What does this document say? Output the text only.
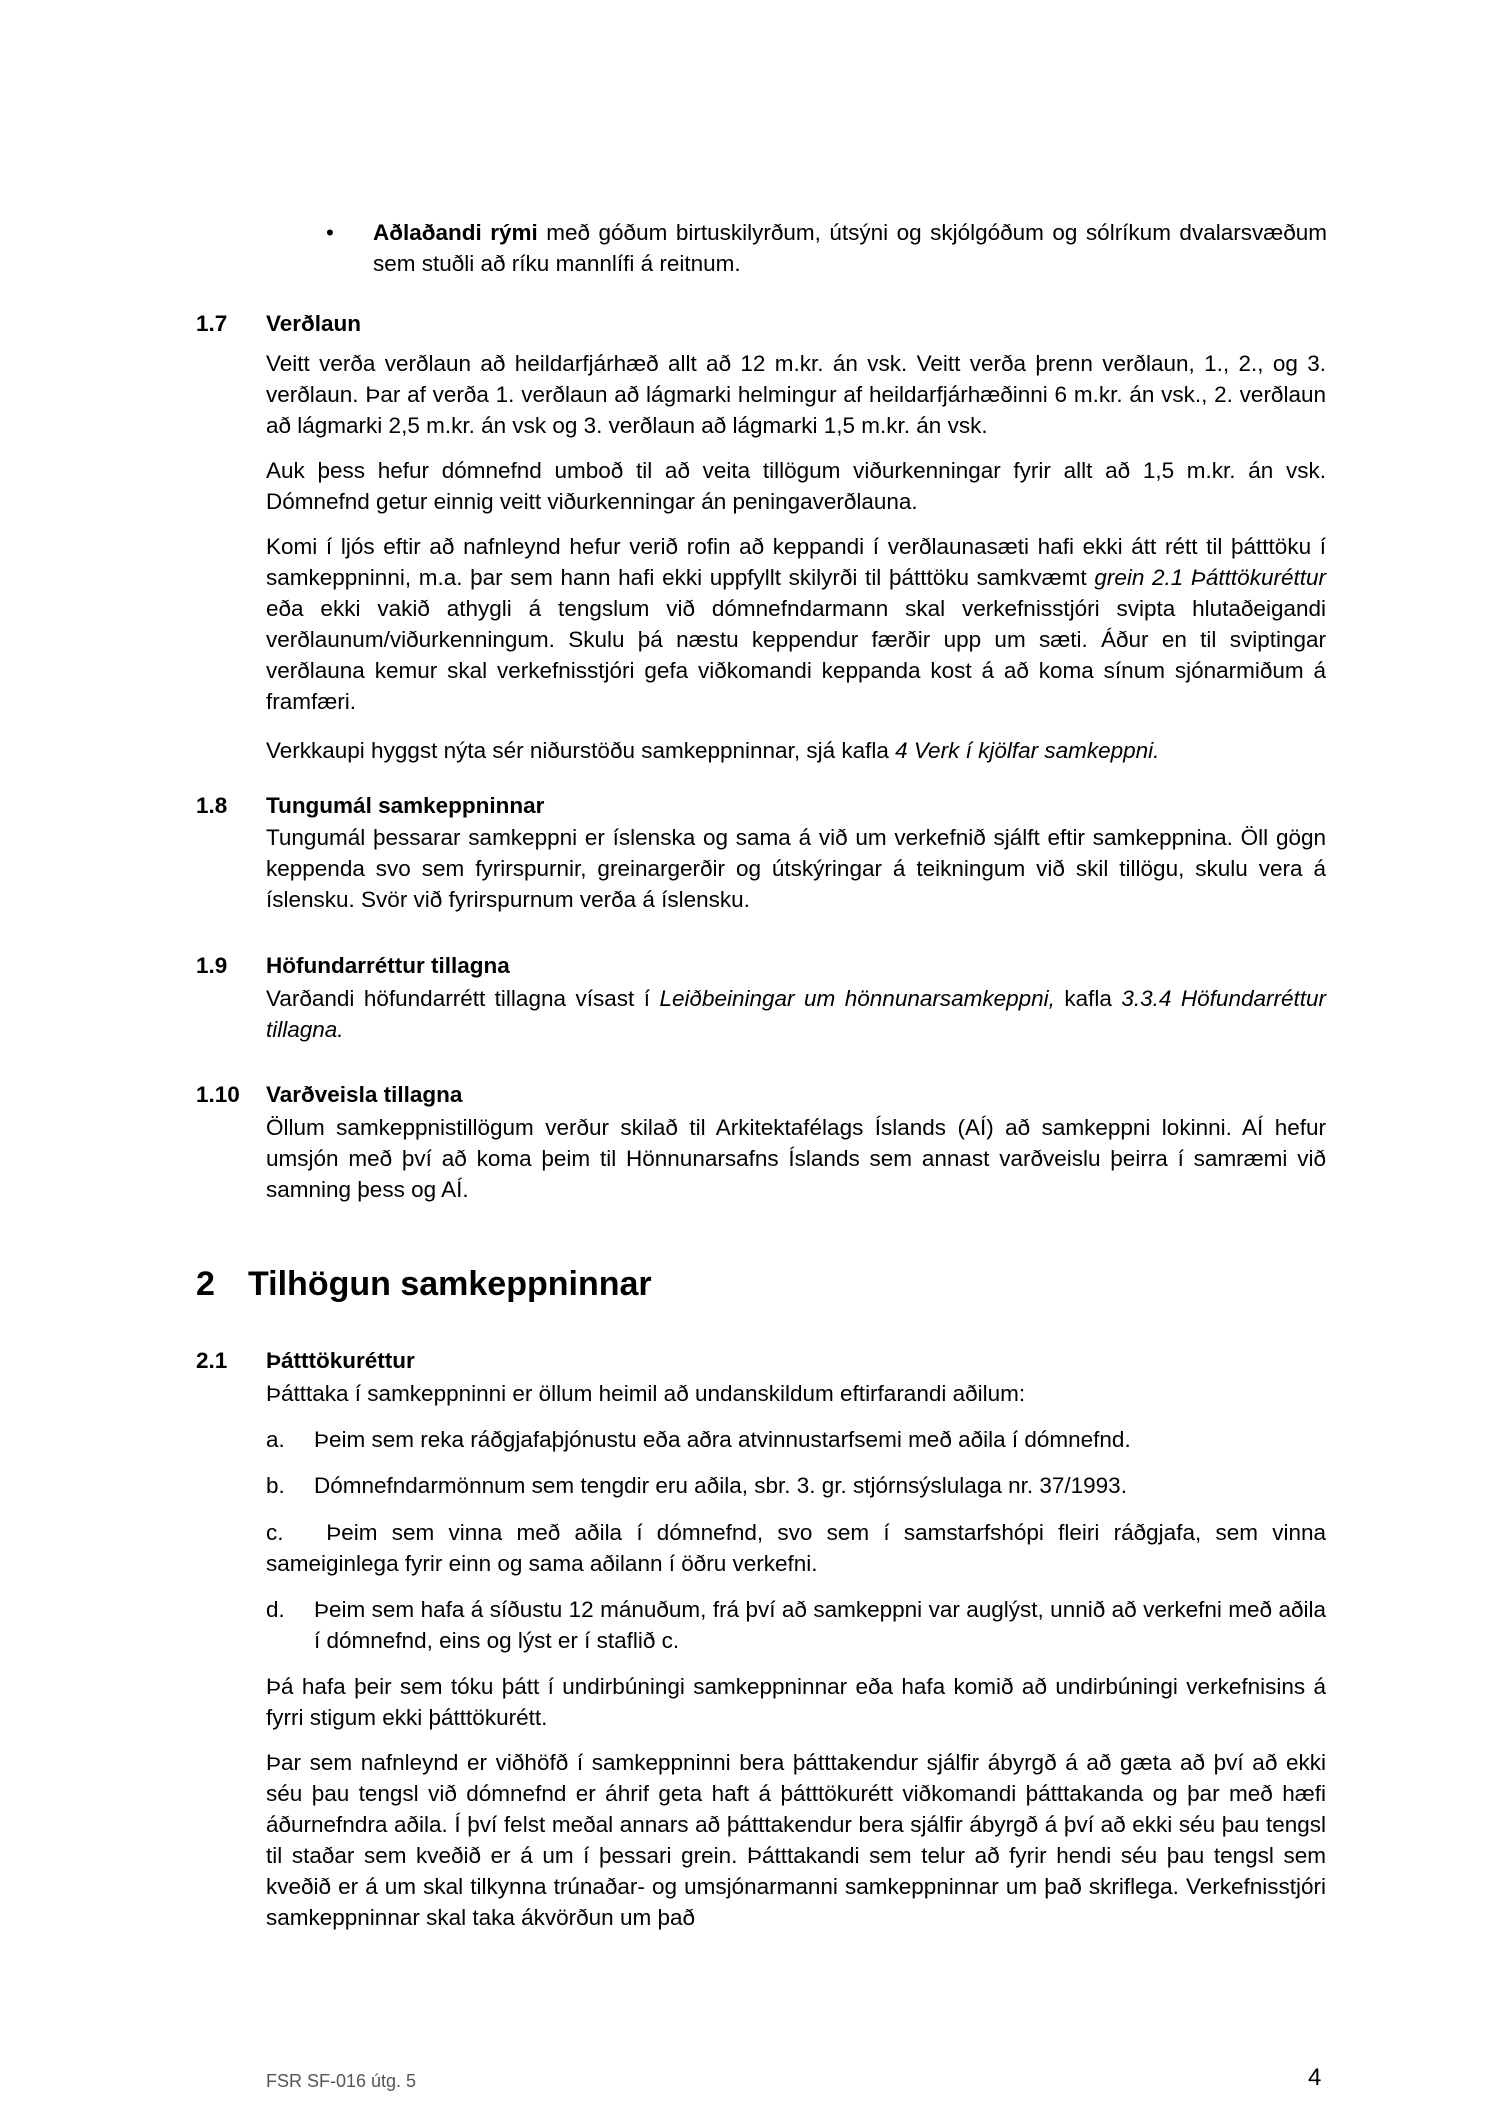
• Aðlaðandi rými með góðum birtuskilyrðum, útsýni og skjólgóðum og sólríkum dvalarsvæðum sem stuðli að ríku mannlífi á reitnum.

1.7 Verðlaun

Veitt verða verðlaun að heildarfjárhæð allt að 12 m.kr. án vsk. Veitt verða þrenn verðlaun, 1., 2., og 3. verðlaun. Þar af verða 1. verðlaun að lágmarki helmingur af heildarfjárhæðinni 6 m.kr. án vsk., 2. verðlaun að lágmarki 2,5 m.kr. án vsk og 3. verðlaun að lágmarki 1,5 m.kr. án vsk.

Auk þess hefur dómnefnd umboð til að veita tillögum viðurkenningar fyrir allt að 1,5 m.kr. án vsk. Dómnefnd getur einnig veitt viðurkenningar án peningaverðlauna.

Komi í ljós eftir að nafnleynd hefur verið rofin að keppandi í verðlaunasæti hafi ekki átt rétt til þátttöku í samkeppninni, m.a. þar sem hann hafi ekki uppfyllt skilyrði til þátttöku samkvæmt grein 2.1 Þátttökuréttur eða ekki vakið athygli á tengslum við dómnefndarmann skal verkefnisstjóri svipta hlutaðeigandi verðlaunum/viðurkenningum. Skulu þá næstu keppendur færðir upp um sæti. Áður en til sviptingar verðlauna kemur skal verkefnisstjóri gefa viðkomandi keppanda kost á að koma sínum sjónarmiðum á framfæri.

Verkkaupi hyggst nýta sér niðurstöðu samkeppninnar, sjá kafla 4 Verk í kjölfar samkeppni.

1.8 Tungumál samkeppninnar

Tungumál þessarar samkeppni er íslenska og sama á við um verkefnið sjálft eftir samkeppnina. Öll gögn keppenda svo sem fyrirspurnir, greinargerðir og útskýringar á teikningum við skil tillögu, skulu vera á íslensku. Svör við fyrirspurnum verða á íslensku.

1.9 Höfundarréttur tillagna

Varðandi höfundarrétt tillagna vísast í Leiðbeiningar um hönnunarsamkeppni, kafla 3.3.4 Höfundarréttur tillagna.

1.10 Varðveisla tillagna

Öllum samkeppnistillögum verður skilað til Arkitektafélags Íslands (AÍ) að samkeppni lokinni. AÍ hefur umsjón með því að koma þeim til Hönnunarsafns Íslands sem annast varðveislu þeirra í samræmi við samning þess og AÍ.

2 Tilhögun samkeppninnar
2.1 Þátttökuréttur

Þátttaka í samkeppninni er öllum heimil að undanskildum eftirfarandi aðilum:

a. Þeim sem reka ráðgjafaþjónustu eða aðra atvinnustarfsemi með aðila í dómnefnd.

b. Dómnefndarmönnum sem tengdir eru aðila, sbr. 3. gr. stjórnsýslulaga nr. 37/1993.

c. Þeim sem vinna með aðila í dómnefnd, svo sem í samstarfshópi fleiri ráðgjafa, sem vinna sameiginlega fyrir einn og sama aðilann í öðru verkefni.

d. Þeim sem hafa á síðustu 12 mánuðum, frá því að samkeppni var auglýst, unnið að verkefni með aðila í dómnefnd, eins og lýst er í staflið c.

Þá hafa þeir sem tóku þátt í undirbúningi samkeppninnar eða hafa komið að undirbúningi verkefnisins á fyrri stigum ekki þátttökurétt.

Þar sem nafnleynd er viðhöfð í samkeppninni bera þátttakendur sjálfir ábyrgð á að gæta að því að ekki séu þau tengsl við dómnefnd er áhrif geta haft á þátttökurétt viðkomandi þátttakanda og þar með hæfi áðurnefndra aðila. Í því felst meðal annars að þátttakendur bera sjálfir ábyrgð á því að ekki séu þau tengsl til staðar sem kveðið er á um í þessari grein. Þátttakandi sem telur að fyrir hendi séu þau tengsl sem kveðið er á um skal tilkynna trúnaðar- og umsjónarmanni samkeppninnar um það skriflega. Verkefnisstjóri samkeppninnar skal taka ákvörðun um það

FSR SF-016 útg. 5	4
